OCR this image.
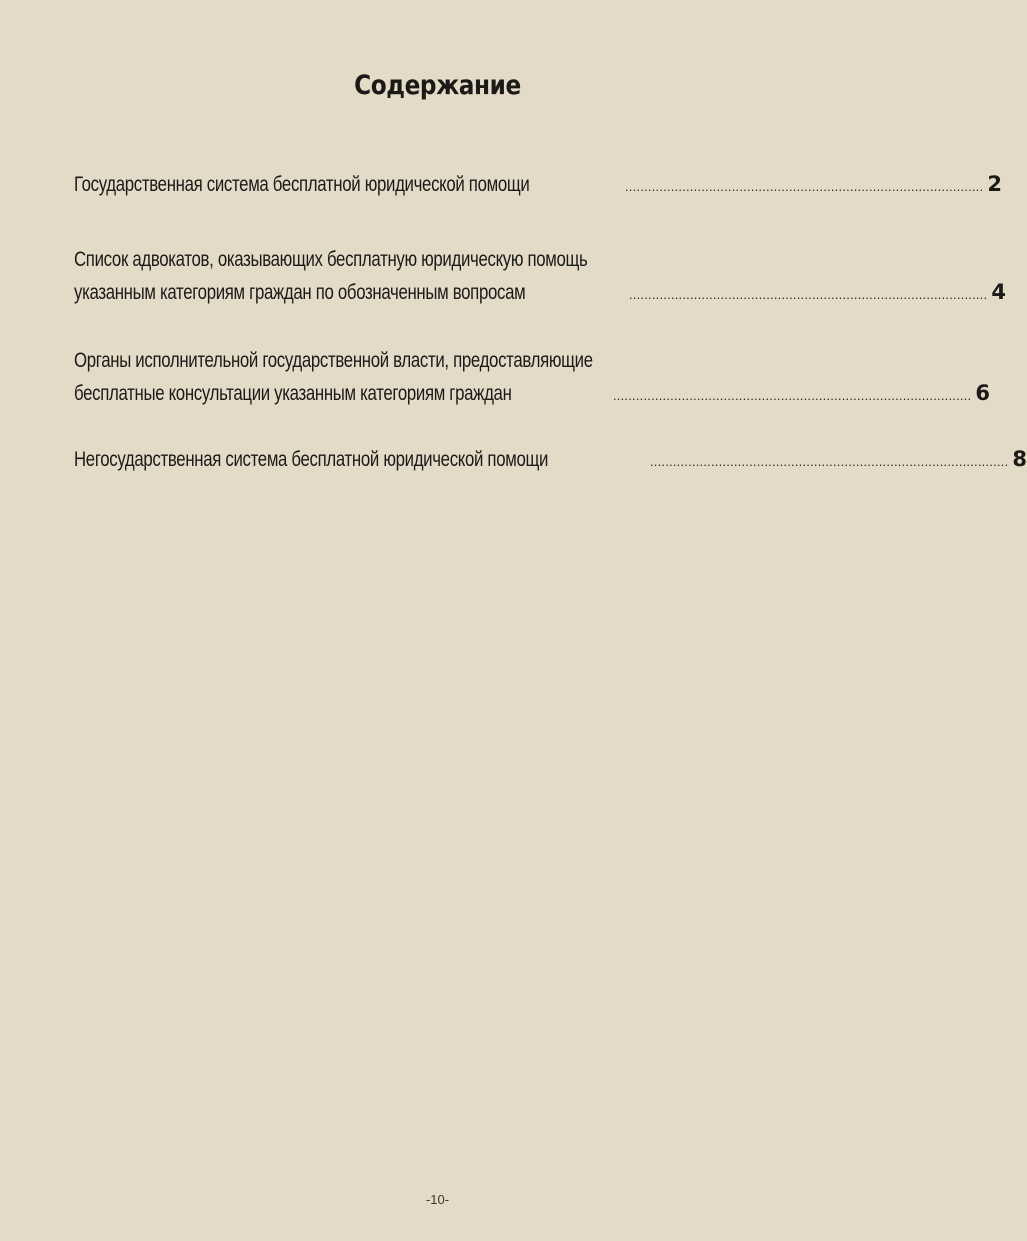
Содержание
Государственная система бесплатной юридической помощи	.............................................................................................. 2
Список адвокатов, оказывающих бесплатную юридическую помощь
указанным категориям граждан по обозначенным вопросам	.............................................................................................. 4
Органы исполнительной государственной власти, предоставляющие
бесплатные консультации указанным категориям граждан	.............................................................................................. 6
Негосударственная система бесплатной юридической помощи	.............................................................................................. 8
-10-
